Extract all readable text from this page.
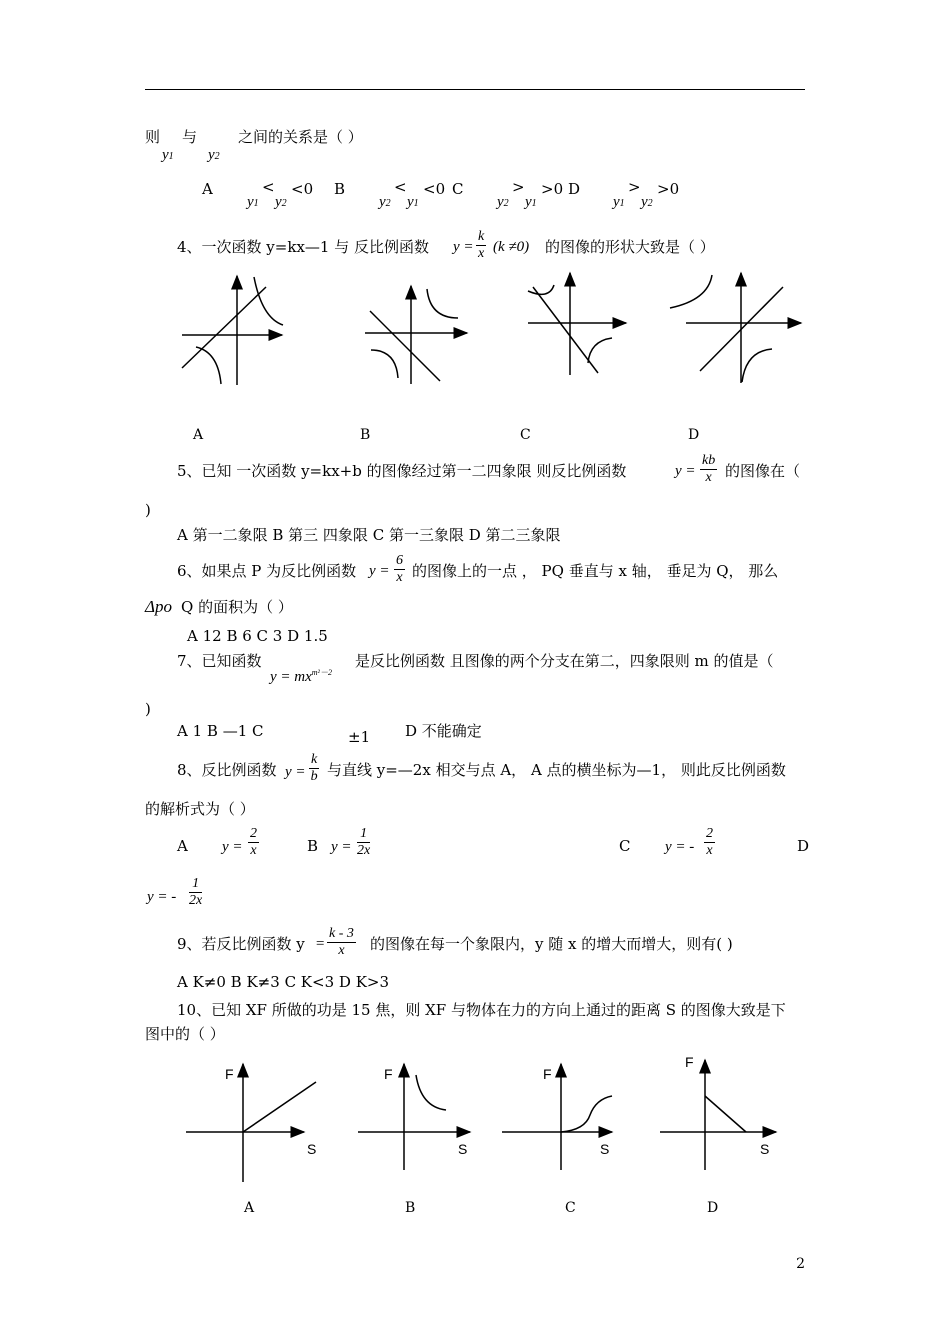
则
y1
与
y2
之间的关系是（ ）
A	< <0
y1 y2
B	< <0
y2 y1
C	> >0
y2 y1
D	> >0
y1 y2
4、一次函数 y=kx—1 与 反比例函数 $y = \frac{k}{x} (k \ne 0)$ 的图像的形状大致是（ ）
A	B	C	D
5、已知 一次函数 y=kx+b 的图像经过第一二四象限 则反比例函数	$y = \frac{kb}{x}$ 的图像在（
)
A 第一二象限 B 第三 四象限 C 第一三象限 D 第二三象限
6、如果点 P 为反比例函数 $y = \frac{6}{x}$ 的图像上的一点 ， PQ 垂直与 x 轴， 垂足为 Q， 那么
Δpo Q 的面积为（ ）
A 12 B 6 C 3 D 1.5
7、已知函数
$y = mx^{m^2-2}$
是反比例函数 且图像的两个分支在第二，四象限则 m 的值是（
)
A 1 B —1 C	±1 D 不能确定
8、反比例函数 $y = \frac{k}{b}$ 与直线 y=—2x 相交与点 A， A 点的横坐标为—1， 则此反比例函数
的解析式为（ ）
A $y = \frac{2}{x}$	B $y = \frac{1}{2x}$	C y = - $\frac{2}{x}$	D
y = - $\frac{1}{2x}$
9、若反比例函数 $y = \frac{k - 3}{x}$ 的图像在每一个象限内，y 随 x 的增大而增大，则有( )
A K≠0 B K≠3 C K<3 D K>3
10、已知 XF 所做的功是 15 焦，则 XF 与物体在力的方向上通过的距离 S 的图像大致是下
图中的（ ）
F
S
F
S
F
S
F
S
A	B	C	D
2
